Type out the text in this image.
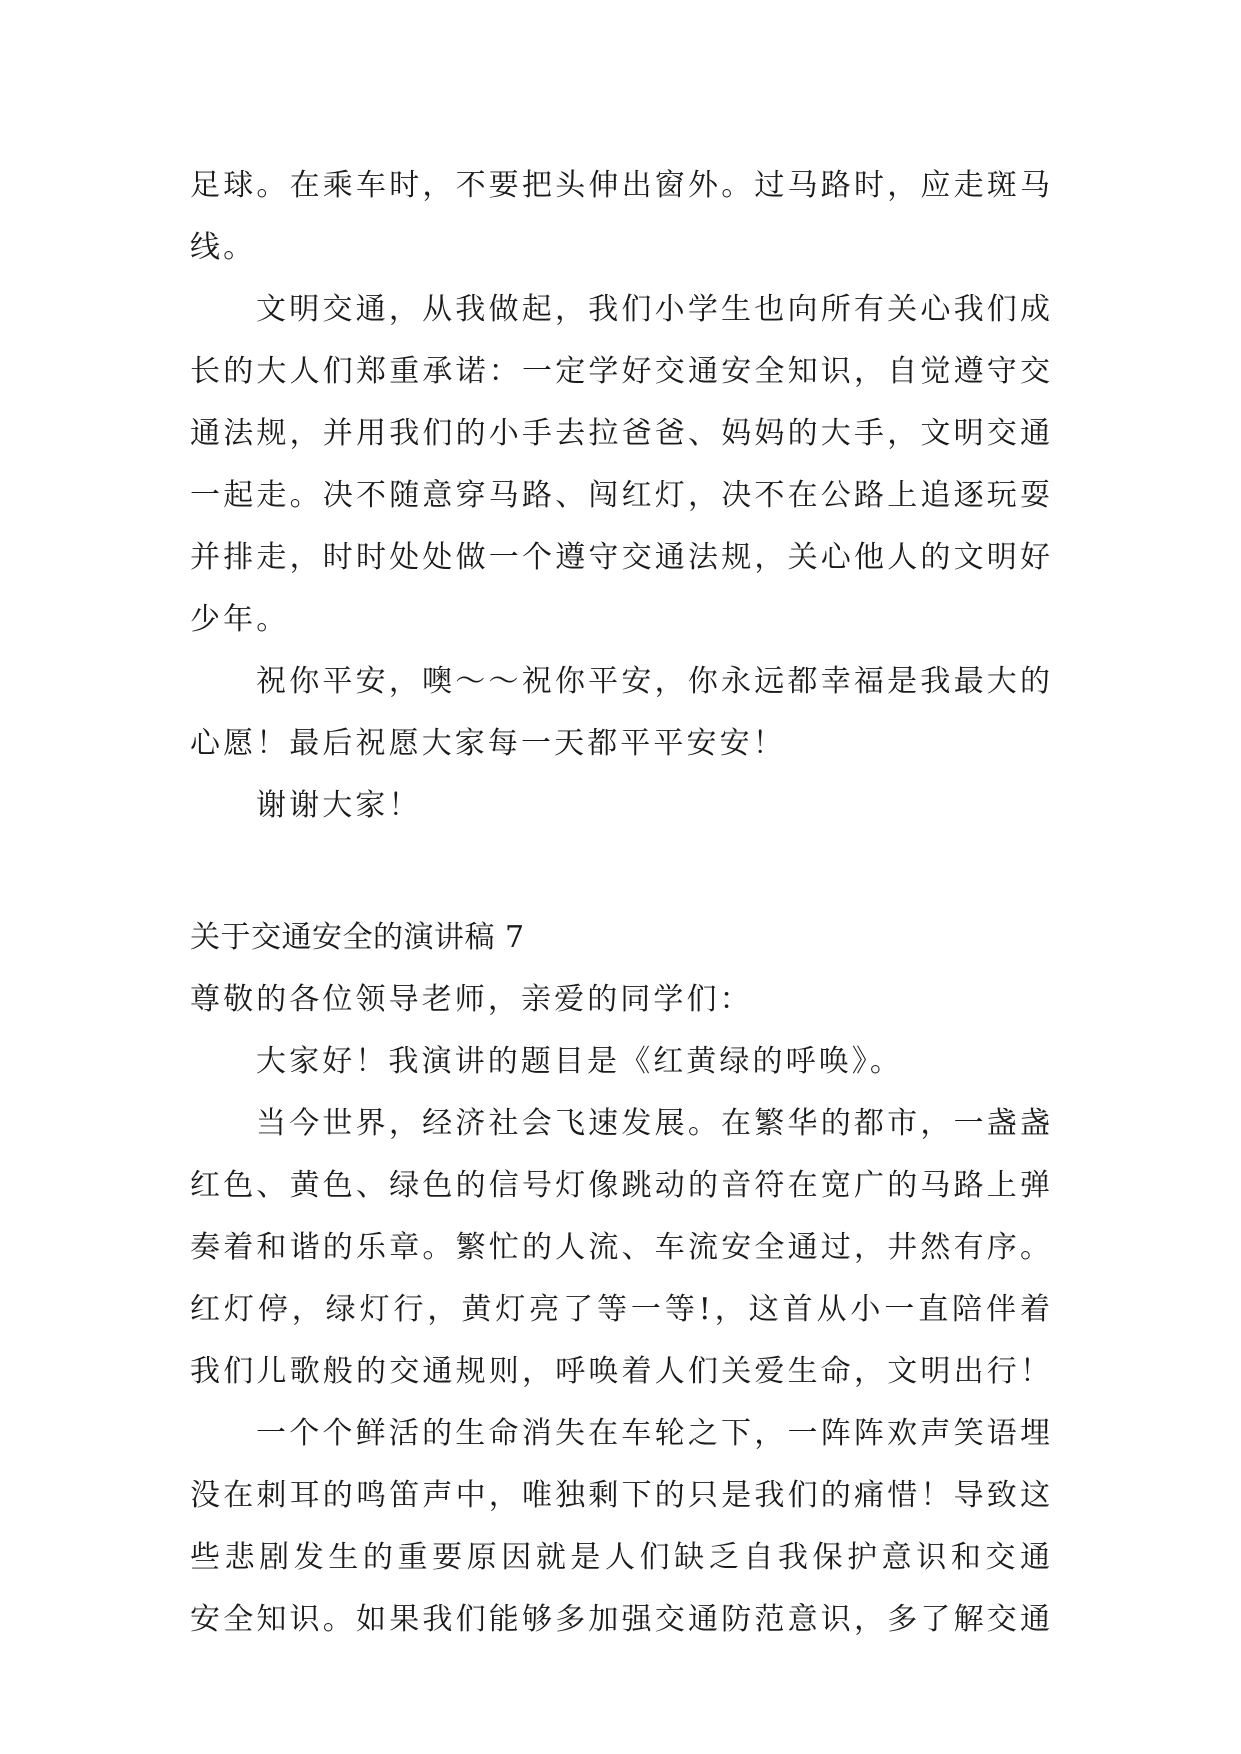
足球。在乘车时，不要把头伸出窗外。过马路时，应走斑马
线。
文明交通，从我做起，我们小学生也向所有关心我们成
长的大人们郑重承诺：一定学好交通安全知识，自觉遵守交
通法规，并用我们的小手去拉爸爸、妈妈的大手，文明交通
一起走。决不随意穿马路、闯红灯，决不在公路上追逐玩耍
并排走，时时处处做一个遵守交通法规，关心他人的文明好
少年。
祝你平安，噢～～祝你平安，你永远都幸福是我最大的
心愿！最后祝愿大家每一天都平平安安！
谢谢大家！
关于交通安全的演讲稿 7
尊敬的各位领导老师，亲爱的同学们：
大家好！我演讲的题目是《红黄绿的呼唤》。
当今世界，经济社会飞速发展。在繁华的都市，一盏盏
红色、黄色、绿色的信号灯像跳动的音符在宽广的马路上弹
奏着和谐的乐章。繁忙的人流、车流安全通过，井然有序。
红灯停，绿灯行，黄灯亮了等一等!，这首从小一直陪伴着
我们儿歌般的交通规则，呼唤着人们关爱生命，文明出行！
一个个鲜活的生命消失在车轮之下，一阵阵欢声笑语埋
没在刺耳的鸣笛声中，唯独剩下的只是我们的痛惜！导致这
些悲剧发生的重要原因就是人们缺乏自我保护意识和交通
安全知识。如果我们能够多加强交通防范意识，多了解交通
